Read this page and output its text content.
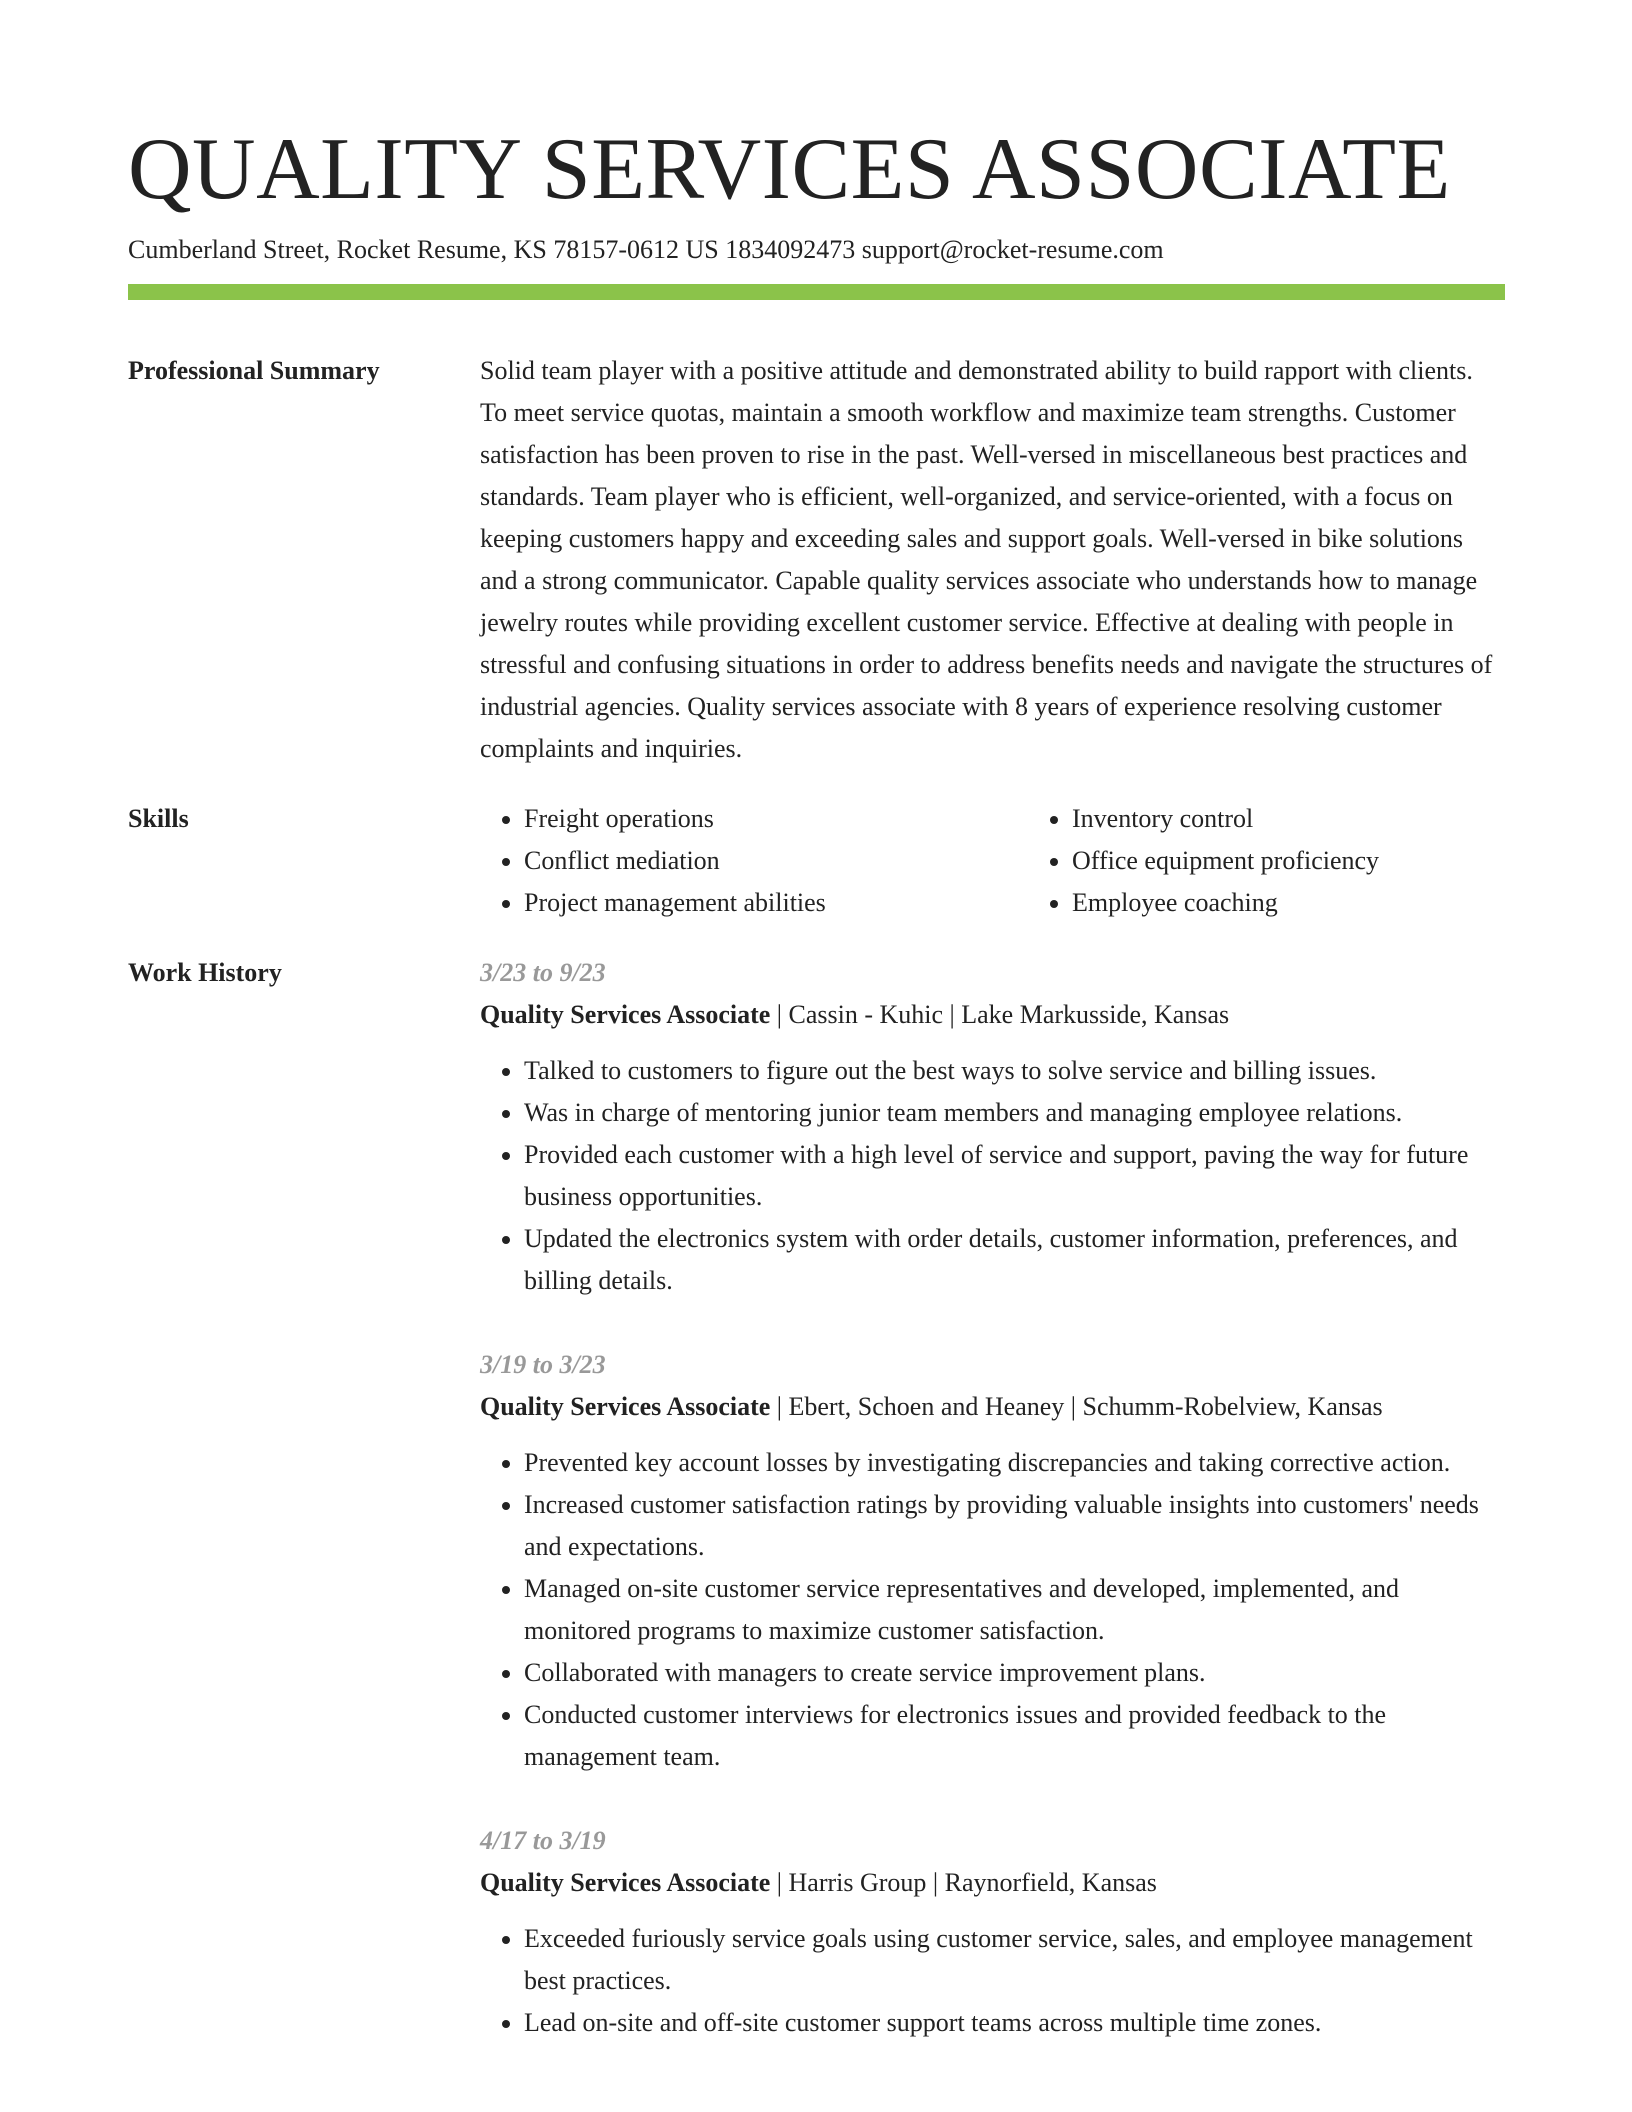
QUALITY SERVICES ASSOCIATE
Cumberland Street, Rocket Resume, KS 78157-0612 US 1834092473 support@rocket-resume.com
Professional Summary	Solid team player with a positive attitude and demonstrated ability to build rapport with clients. To meet service quotas, maintain a smooth workflow and maximize team strengths. Customer satisfaction has been proven to rise in the past. Well-versed in miscellaneous best practices and standards. Team player who is efficient, well-organized, and service-oriented, with a focus on keeping customers happy and exceeding sales and support goals. Well-versed in bike solutions and a strong communicator. Capable quality services associate who understands how to manage jewelry routes while providing excellent customer service. Effective at dealing with people in stressful and confusing situations in order to address benefits needs and navigate the structures of industrial agencies. Quality services associate with 8 years of experience resolving customer complaints and inquiries.
Skills
•	Freight operations
• Conflict mediation
• Project management abilities
• Inventory control
• Office equipment proficiency
• Employee coaching
Work History	3/23 to 9/23
Quality Services Associate | Cassin - Kuhic | Lake Markusside, Kansas
• Talked to customers to figure out the best ways to solve service and billing issues.
• Was in charge of mentoring junior team members and managing employee relations.
• Provided each customer with a high level of service and support, paving the way for future business opportunities.
• Updated the electronics system with order details, customer information, preferences, and billing details.
3/19 to 3/23
Quality Services Associate | Ebert, Schoen and Heaney | Schumm-Robelview, Kansas
• Prevented key account losses by investigating discrepancies and taking corrective action.
• Increased customer satisfaction ratings by providing valuable insights into customers' needs and expectations.
• Managed on-site customer service representatives and developed, implemented, and monitored programs to maximize customer satisfaction.
• Collaborated with managers to create service improvement plans.
• Conducted customer interviews for electronics issues and provided feedback to the management team.
4/17 to 3/19
Quality Services Associate | Harris Group | Raynorfield, Kansas
• Exceeded furiously service goals using customer service, sales, and employee management best practices.
• Lead on-site and off-site customer support teams across multiple time zones.
